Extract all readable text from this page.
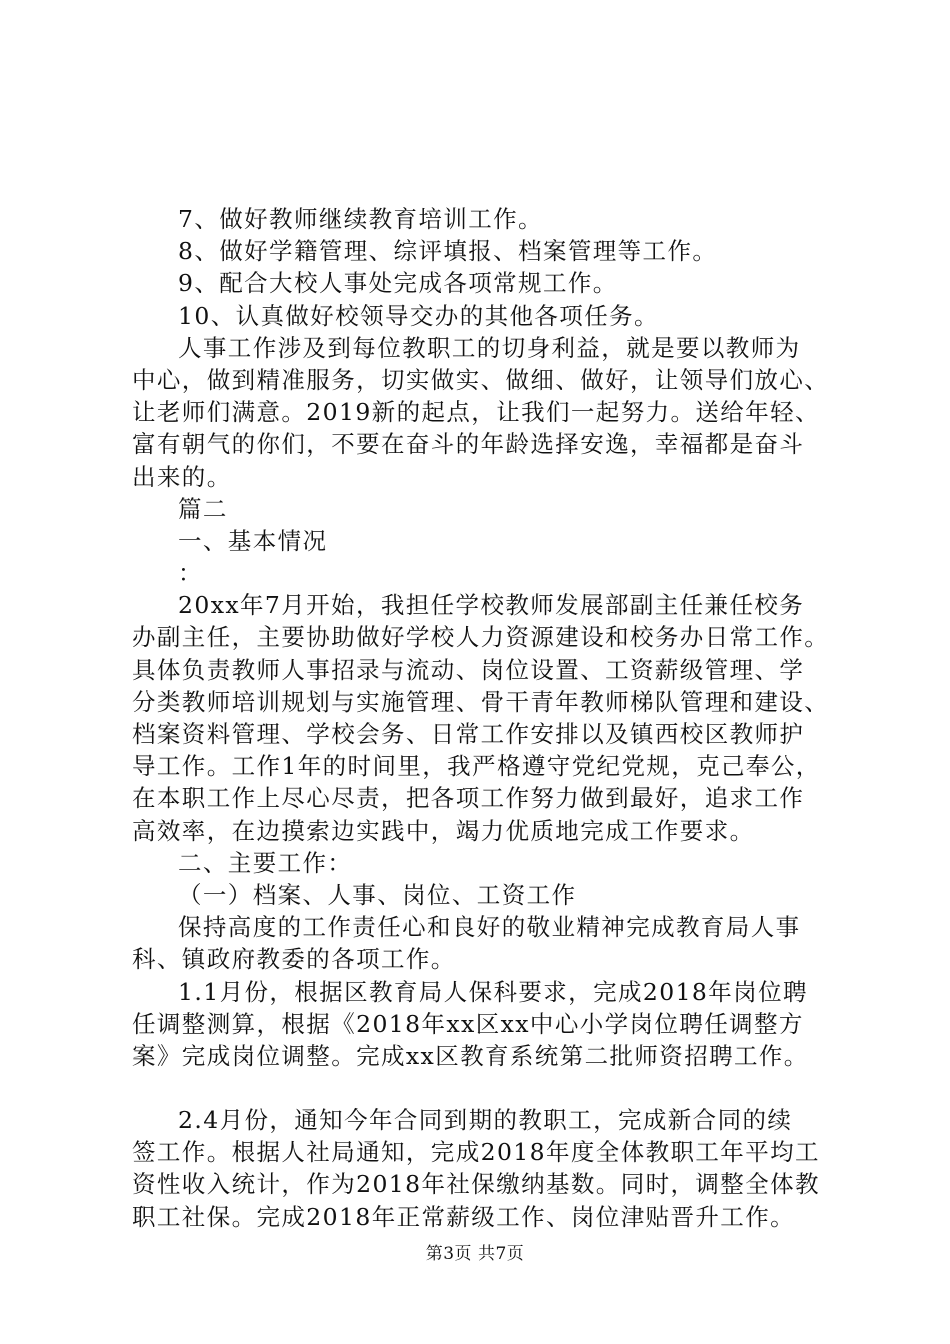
7、做好教师继续教育培训工作。
8、做好学籍管理、综评填报、档案管理等工作。
9、配合大校人事处完成各项常规工作。
10、认真做好校领导交办的其他各项任务。
人事工作涉及到每位教职工的切身利益，就是要以教师为
中心，做到精准服务，切实做实、做细、做好，让领导们放心、
让老师们满意。2019新的起点，让我们一起努力。送给年轻、
富有朝气的你们，不要在奋斗的年龄选择安逸，幸福都是奋斗
出来的。
篇二
一、基本情况
：
20xx年7月开始，我担任学校教师发展部副主任兼任校务
办副主任，主要协助做好学校人力资源建设和校务办日常工作。
具体负责教师人事招录与流动、岗位设置、工资薪级管理、学
分类教师培训规划与实施管理、骨干青年教师梯队管理和建设、
档案资料管理、学校会务、日常工作安排以及镇西校区教师护
导工作。工作1年的时间里，我严格遵守党纪党规，克己奉公，
在本职工作上尽心尽责，把各项工作努力做到最好，追求工作
高效率，在边摸索边实践中，竭力优质地完成工作要求。
二、主要工作：
（一）档案、人事、岗位、工资工作
保持高度的工作责任心和良好的敬业精神完成教育局人事
科、镇政府教委的各项工作。
1.1月份，根据区教育局人保科要求，完成2018年岗位聘
任调整测算，根据《2018年xx区xx中心小学岗位聘任调整方
案》完成岗位调整。完成xx区教育系统第二批师资招聘工作。
2.4月份，通知今年合同到期的教职工，完成新合同的续
签工作。根据人社局通知，完成2018年度全体教职工年平均工
资性收入统计，作为2018年社保缴纳基数。同时，调整全体教
职工社保。完成2018年正常薪级工作、岗位津贴晋升工作。
第3页 共7页
